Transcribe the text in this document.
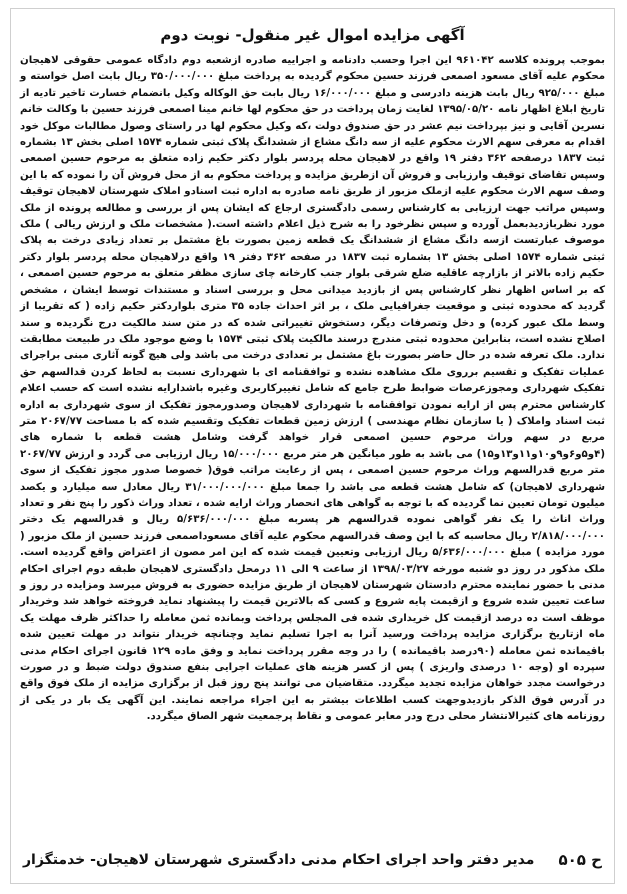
آگهی مزایده اموال غیر منقول- نوبت دوم

بموجب پرونده کلاسه ۹۶۱۰۴۲ این اجرا وحسب دادنامه و اجراییه صادره ازشعبه دوم دادگاه عمومی حقوقی لاهیجان محکوم علیه آقای مسعود اصمعی فرزند حسین محکوم گردیده به پرداخت مبلغ ۳۵۰/۰۰۰/۰۰۰ ریال بابت اصل خواسته و مبلغ ۹۲۵/۰۰۰ ریال بابت هزینه دادرسی و مبلغ ۱۶/۰۰۰/۰۰۰ ریال بابت حق الوکاله وکیل بانضمام خسارت تاخیر تادیه از تاریخ ابلاغ اظهار نامه ۱۳۹۵/۰۵/۲۰ لغایت زمان پرداخت در حق محکوم لها خانم مینا اصمعی فرزند حسین با وکالت خانم نسرین آقایی و نیز بپرداخت نیم عشر در حق صندوق دولت ،که وکیل محکوم لها در راستای وصول مطالبات موکل خود اقدام به معرفی سهم الارث محکوم علیه از سه دانگ مشاع از ششدانگ پلاک ثبتی شماره ۱۵۷۴ اصلی بخش ۱۳ بشماره ثبت ۱۸۳۷ درصفحه ۳۶۲ دفتر ۱۹ واقع در لاهیجان محله پردسر بلوار دکتر حکیم زاده متعلق به مرحوم حسین اصمعی وسپس تقاضای توقیف وارزیابی و فروش آن ازطریق مزایده و پرداخت محکوم به از محل فروش آن را نموده که با این وصف سهم الارث محکوم علیه ازملک مزبور از طریق نامه صادره به اداره ثبت اسنادو املاک شهرستان لاهیجان توقیف وسپس مراتب جهت ارزیابی به کارشناس رسمی دادگستری ارجاع که ایشان پس از بررسی و مطالعه پرونده از ملک مورد نظربازدیدبعمل آورده و سپس نظرخود را به شرح ذیل اعلام داشته است.( مشخصات ملک و ارزش ریالی ) ملک موصوف عبارتست ازسه دانگ مشاع از ششدانگ یک قطعه زمین بصورت باغ مشتمل بر تعداد زیادی درخت به پلاک ثبتی شماره ۱۵۷۴ اصلی بخش ۱۳ بشماره ثبت ۱۸۳۷ در صفحه ۳۶۲ دفتر ۱۹ واقع درلاهیجان محله پردسر بلوار دکتر حکیم زاده بالاتر از بازارچه عاقلیه ضلع شرقی بلوار جنب کارخانه چای سازی مظفر متعلق به مرحوم حسین اصمعی ، که بر اساس اظهار نظر کارشناس پس از بازدید میدانی محل و بررسی اسناد و مستندات توسط ایشان ، مشخص گردید که محدوده ثبتی و موقعیت جغرافیایی ملک ، بر اثر احداث جاده ۳۵ متری بلواردکتر حکیم زاده ( که تقریبا از وسط ملک عبور کرده) و دخل وتصرفات دیگر، دستخوش تغییراتی شده که در متن سند مالکیت درج نگردیده و سند اصلاح نشده است، بنابراین محدوده ثبتی مندرج درسند مالکیت پلاک ثبتی ۱۵۷۴ با وضع موجود ملک در طبیعت مطابقت ندارد. ملک تعرفه شده در حال حاضر بصورت باغ مشتمل بر تعدادی درخت می باشد ولی هیچ گونه آثاری مبنی براجرای عملیات تفکیک و تقسیم برروی ملک مشاهده نشده و توافقنامه ای با شهرداری نسبت به لحاظ کردن قدالسهم حق تفکیک شهرداری ومجوزعرصات ضوابط طرح جامع که شامل تغییرکاربری وغیره باشدارایه نشده است که حسب اعلام کارشناس محترم پس از ارایه نمودن توافقنامه با شهرداری لاهیجان وصدورمجوز تفکیک از سوی شهرداری به اداره ثبت اسناد واملاک ( یا سازمان نظام مهندسی ) ارزش زمین قطعات تفکیک وتقسیم شده که با مساحت ۲۰۶۷/۷۷ متر مربع در سهم وراث مرحوم حسین اصمعی قرار خواهد گرفت وشامل هشت قطعه با شماره های (۴و۵و۶و۹و۱۰و۱۱و۱۳و۱۵) می باشد به طور میانگین هر متر مربع ۱۵/۰۰۰/۰۰۰ ریال ارزیابی می گردد و ارزش ۲۰۶۷/۷۷ متر مربع قدرالسهم وراث مرحوم حسین اصمعی ، پس از رعایت مراتب فوق( خصوصا صدور مجوز تفکیک از سوی شهرداری لاهیجان) که شامل هشت قطعه می باشد را جمعا مبلغ ۳۱/۰۰۰/۰۰۰/۰۰۰ ریال معادل سه میلیارد و یکصد میلیون تومان تعیین نما گردیده که با توجه به گواهی های انحصار وراث ارایه شده ، تعداد وراث ذکور را پنج نفر و تعداد وراث اناث را یک نفر گواهی نموده قدرالسهم هر پسربه مبلغ ۵/۶۳۶/۰۰۰/۰۰۰ ریال و قدرالسهم یک دختر ۲/۸۱۸/۰۰۰/۰۰۰ ریال محاسبه که با این وصف قدرالسهم محکوم علیه آقای مسعوداصمعی فرزند حسین از ملک مزبور ( مورد مزایده ) مبلغ ۵/۶۳۶/۰۰۰/۰۰۰ ریال ارزیابی وتعیین قیمت شده که این امر مصون از اعتراض واقع گردیده است. ملک مذکور در روز دو شنبه مورخه ۱۳۹۸/۰۳/۲۷ از ساعت ۹ الی ۱۱ درمحل دادگستری لاهیجان طبقه دوم اجرای احکام مدنی با حضور نماینده محترم دادستان شهرستان لاهیجان از طریق مزایده حضوری به فروش میرسد ومزایده در روز و ساعت تعیین شده شروع و ازقیمت پایه شروع و کسی که بالاترین قیمت را پیشنهاد نماید فروخته خواهد شد وخریدار موظف است ده درصد ازقیمت کل خریداری شده فی المجلس پرداخت وبمانده ثمن معامله را حداکثر ظرف مهلت یک ماه ازتاریخ برگزاری مزایده پرداخت ورسید آنرا به اجرا تسلیم نماید وچنانچه خریدار نتواند در مهلت تعیین شده باقیمانده ثمن معامله (۹۰درصد باقیمانده ) را در وجه مقرر پرداخت نماید و وفق ماده ۱۲۹ قانون اجرای احکام مدنی سپرده او (وجه ۱۰ درصدی واریزی ) پس از کسر هزینه های عملیات اجرایی بنفع صندوق دولت ضبط و در صورت درخواست مجدد خواهان مزایده تجدید میگردد. متقاضیان می توانند پنج روز قبل از برگزاری مزایده از ملک فوق واقع در آدرس فوق الذکر بازدیدوجهت کسب اطلاعات بیشتر به این اجراء مراجعه نمایند. این آگهی یک بار در یکی از روزنامه های کثیرالانتشار محلی درج ودر معابر عمومی و نقاط پرجمعیت شهر الصاق میگردد.

ح ۵۰۵
مدیر دفتر واحد اجرای احکام مدنی دادگستری شهرستان لاهیجان- خدمتگزار
